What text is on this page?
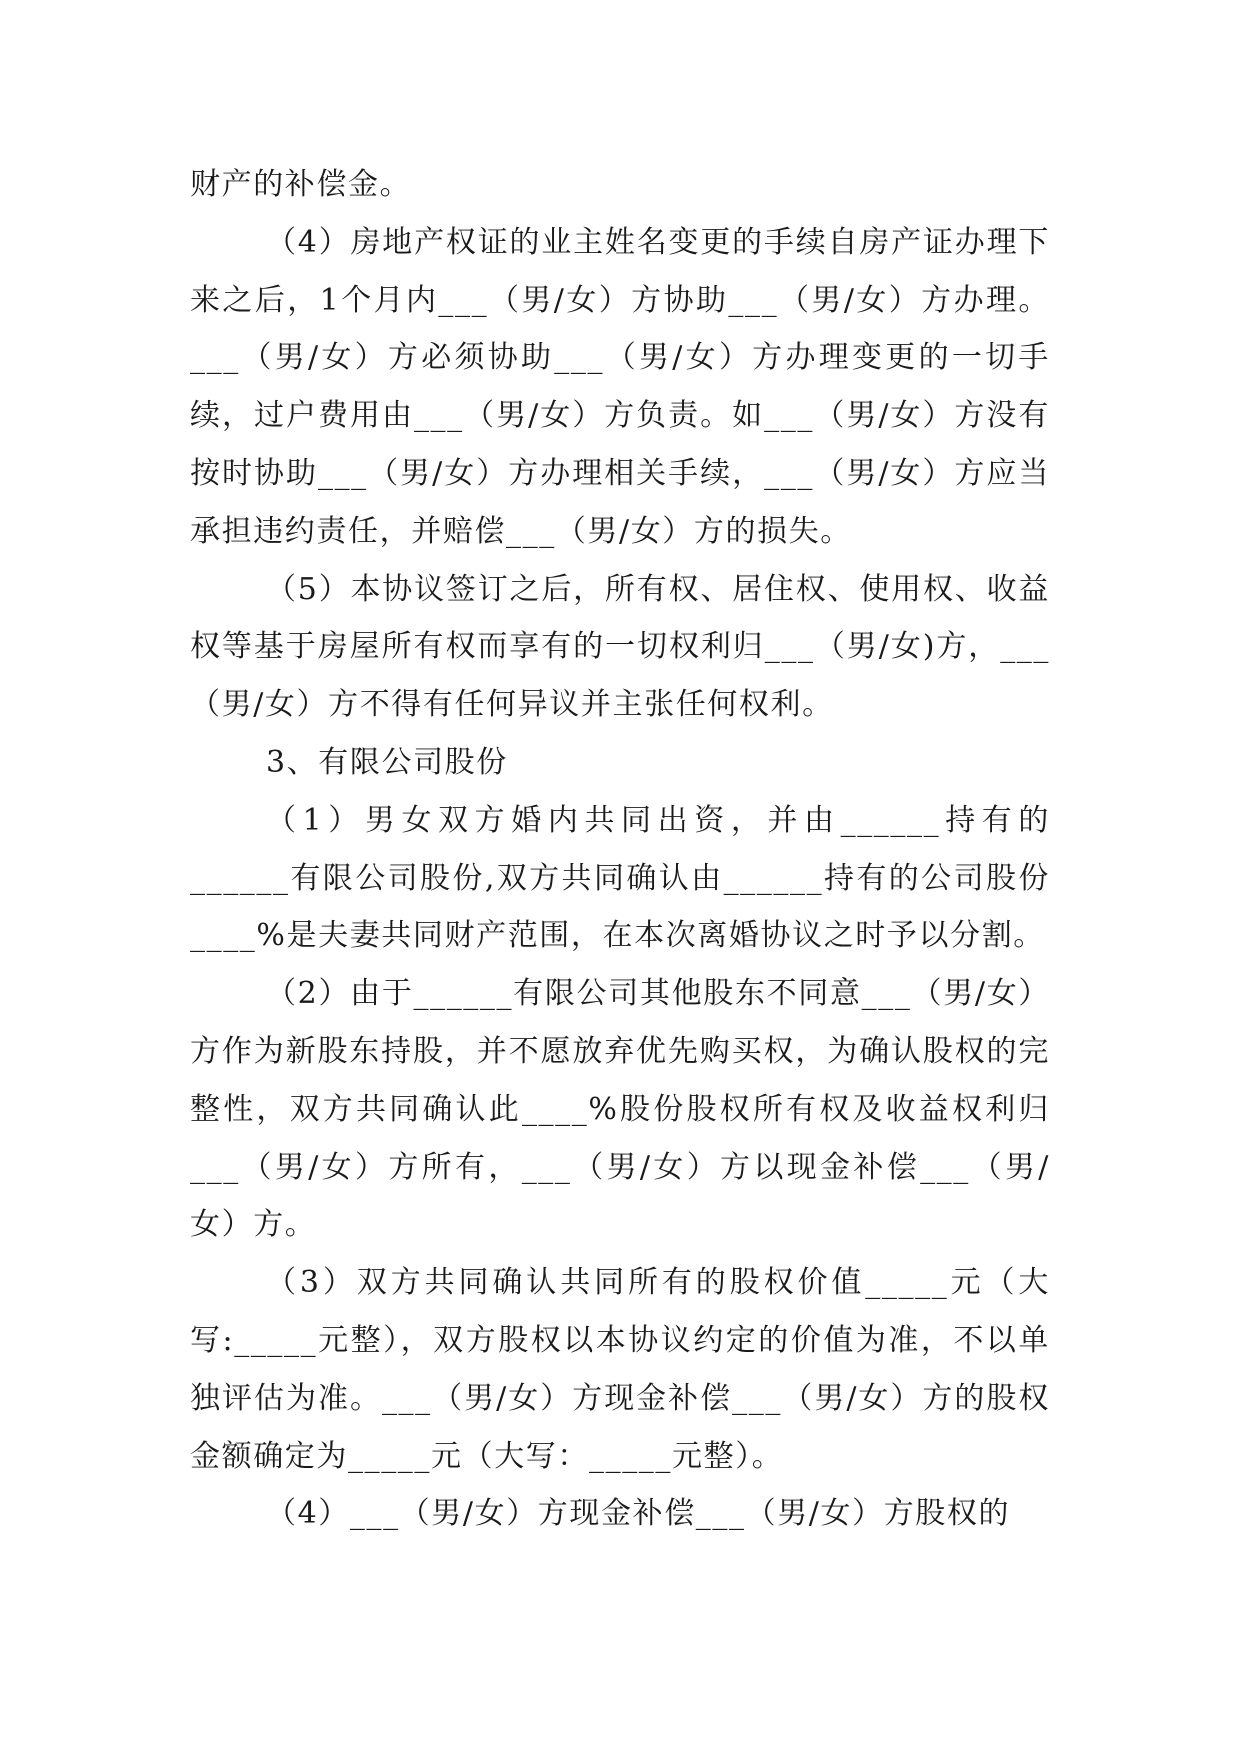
财产的补偿金。

（4）房地产权证的业主姓名变更的手续自房产证办理下来之后，1个月内___（男/女）方协助___（男/女）方办理。___（男/女）方必须协助___（男/女）方办理变更的一切手续，过户费用由___（男/女）方负责。如___（男/女）方没有按时协助___（男/女）方办理相关手续，___（男/女）方应当承担违约责任，并赔偿___（男/女）方的损失。

（5）本协议签订之后，所有权、居住权、使用权、收益权等基于房屋所有权而享有的一切权利归___（男/女)方，___（男/女）方不得有任何异议并主张任何权利。

3、有限公司股份

（1）男女双方婚内共同出资，并由______持有的______有限公司股份,双方共同确认由______持有的公司股份____%是夫妻共同财产范围，在本次离婚协议之时予以分割。

（2）由于______有限公司其他股东不同意___（男/女）方作为新股东持股，并不愿放弃优先购买权，为确认股权的完整性，双方共同确认此____%股份股权所有权及收益权利归___（男/女）方所有，___（男/女）方以现金补偿___（男/女）方。

（3）双方共同确认共同所有的股权价值_____元（大写:_____元整），双方股权以本协议约定的价值为准，不以单独评估为准。___（男/女）方现金补偿___（男/女）方的股权金额确定为_____元（大写：_____元整）。

（4）___（男/女）方现金补偿___（男/女）方股权的
